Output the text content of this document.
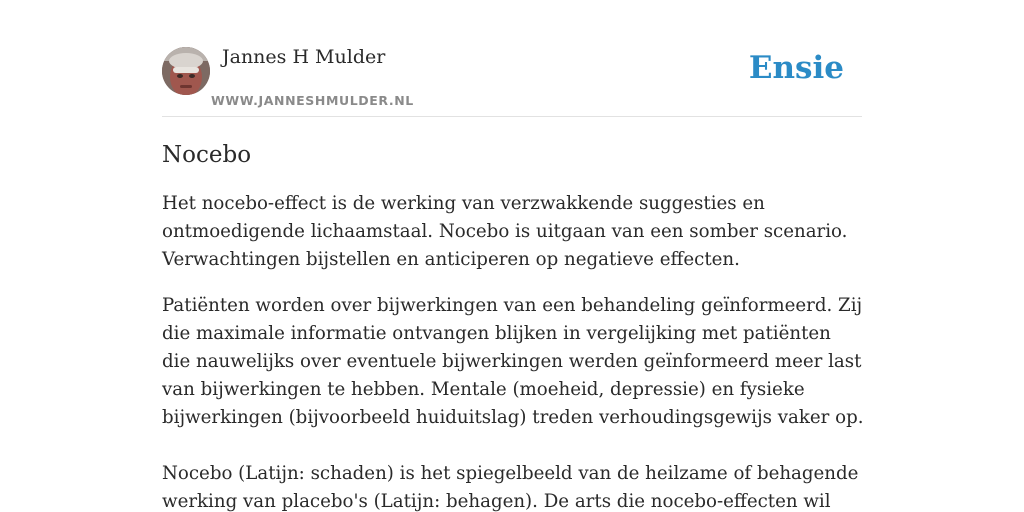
Jannes H Mulder
WWW.JANNESHMULDER.NL
Ensie
Nocebo

Het nocebo-effect is de werking van verzwakkende suggesties en ontmoedigende lichaamstaal. Nocebo is uitgaan van een somber scenario. Verwachtingen bijstellen en anticiperen op negatieve effecten.

Patiënten worden over bijwerkingen van een behandeling geïnformeerd. Zij die maximale informatie ontvangen blijken in vergelijking met patiënten die nauwelijks over eventuele bijwerkingen werden geïnformeerd meer last van bijwerkingen te hebben. Mentale (moeheid, depressie) en fysieke bijwerkingen (bijvoorbeeld huiduitslag) treden verhoudingsgewijs vaker op.

Nocebo (Latijn: schaden) is het spiegelbeeld van de heilzame of behagende werking van placebo's (Latijn: behagen). De arts die nocebo-effecten wil
